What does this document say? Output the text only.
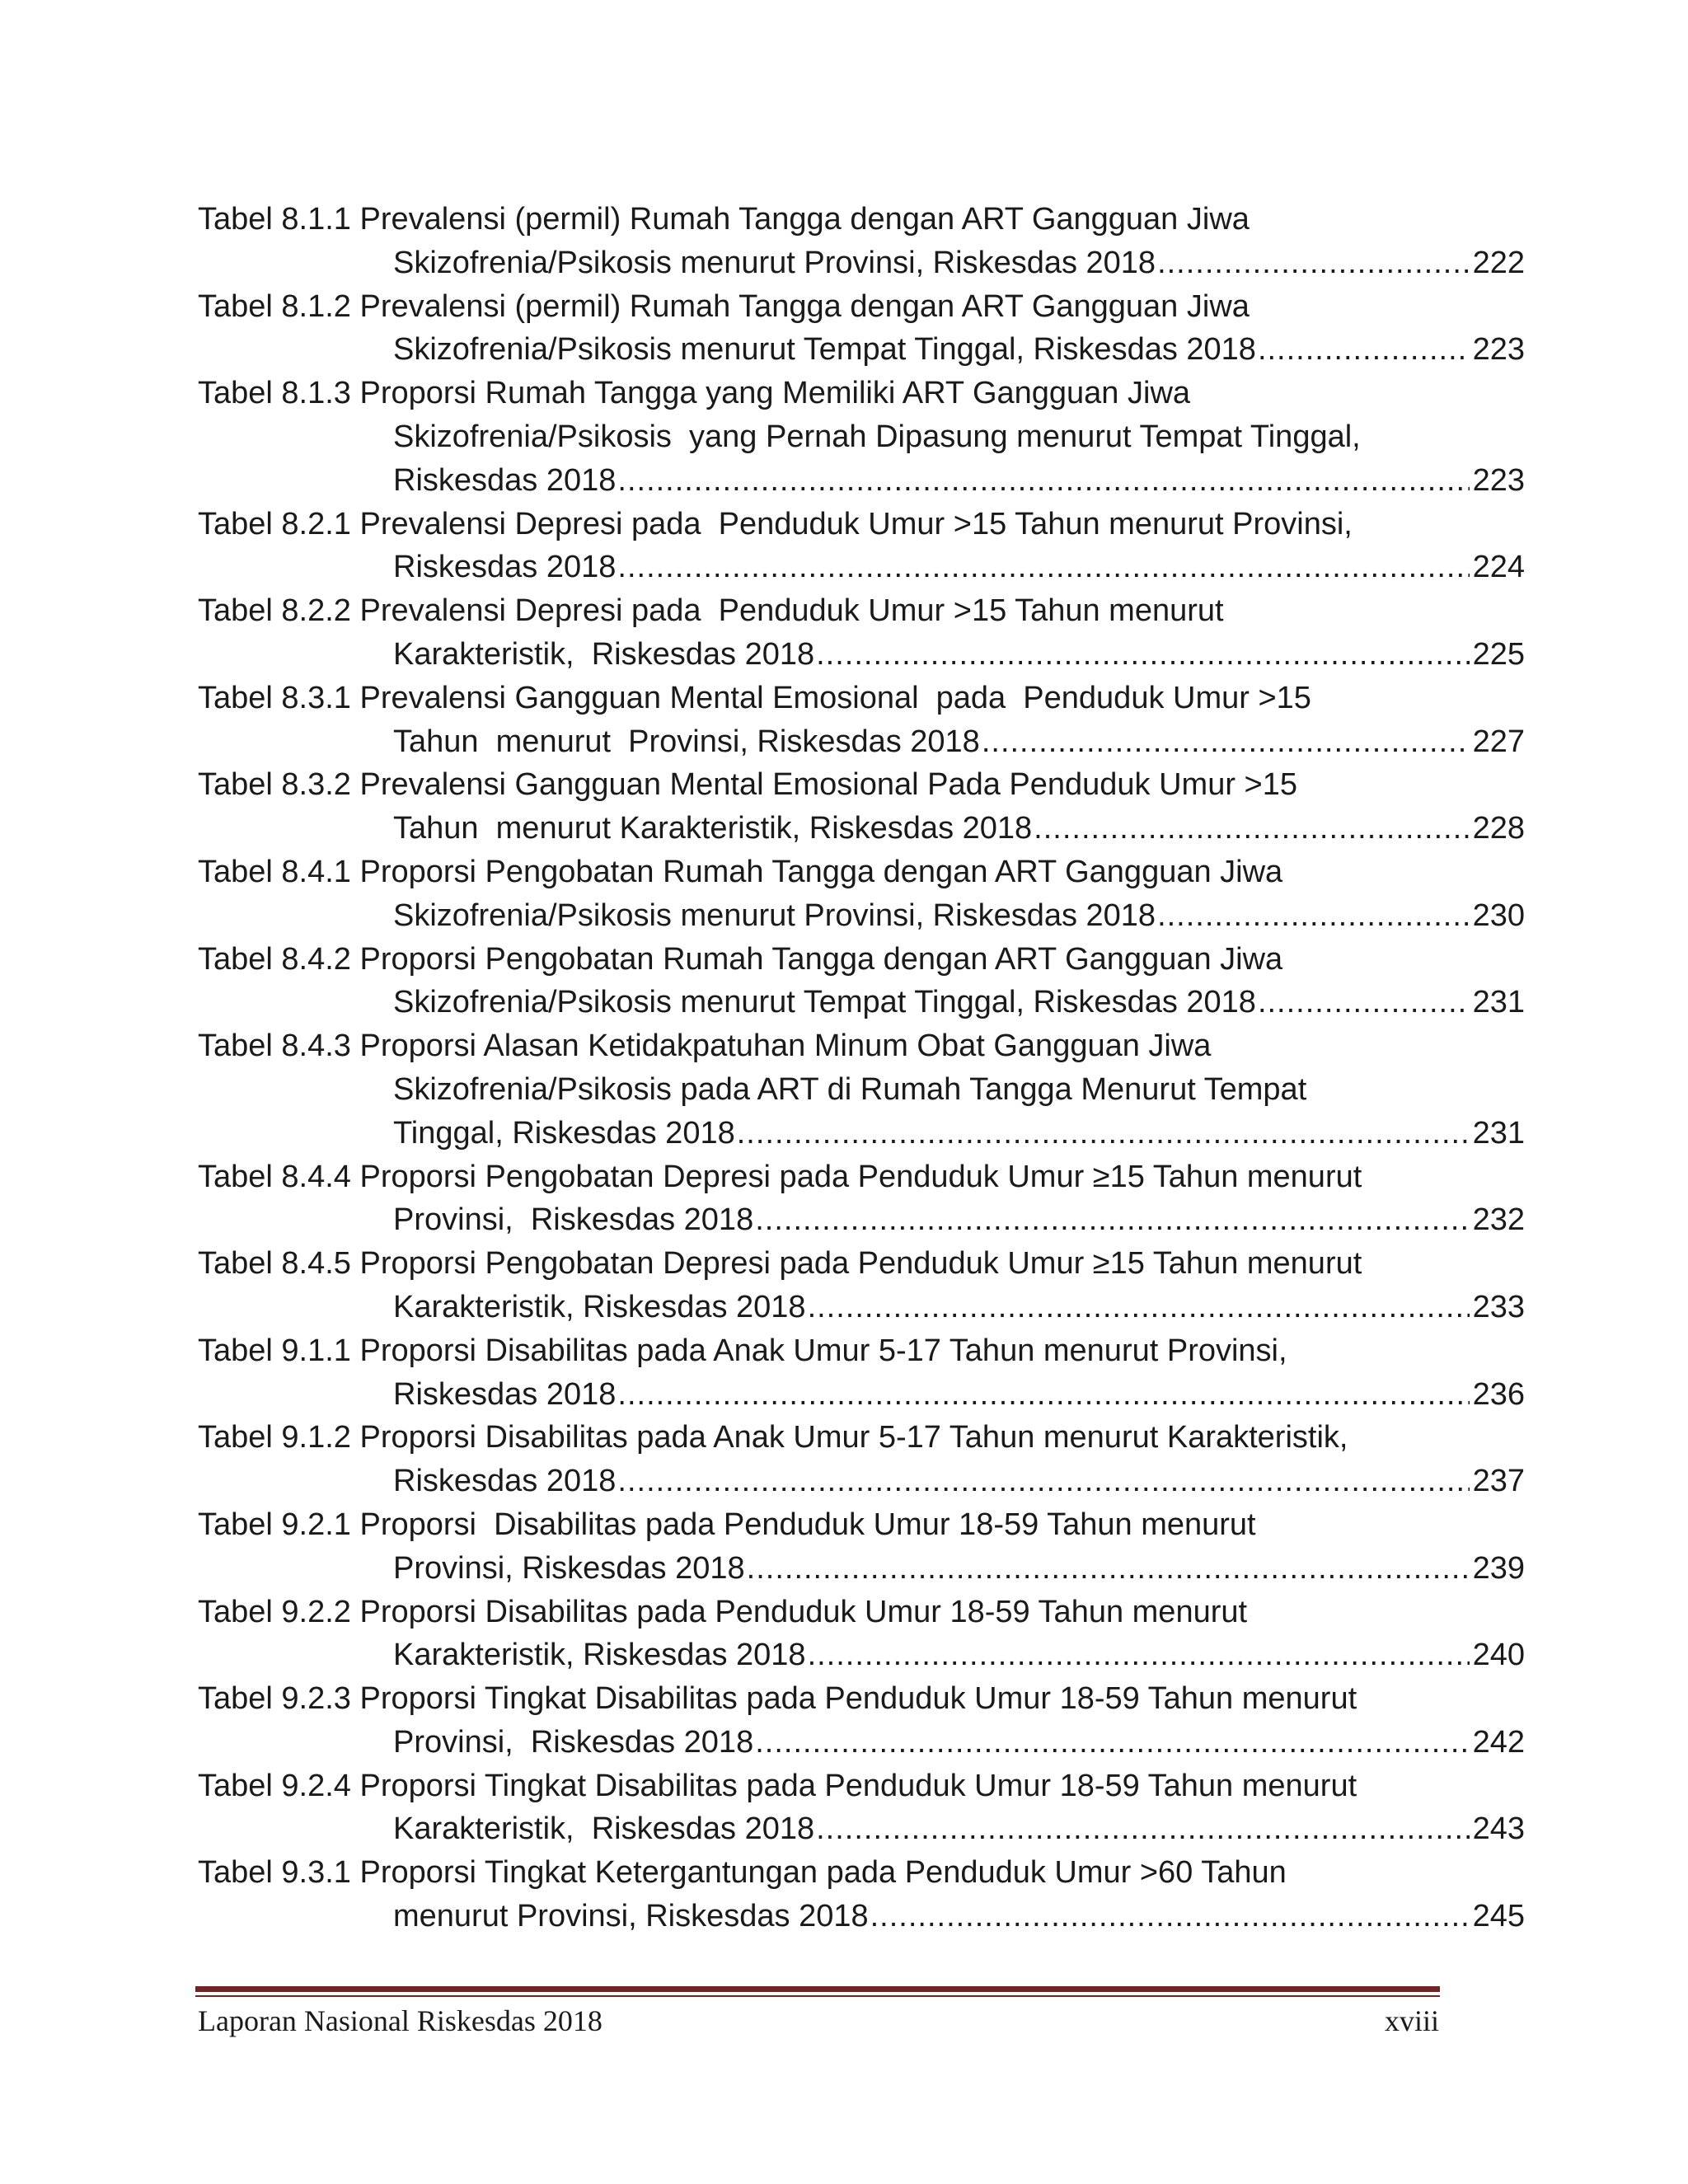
Tabel 8.1.1 Prevalensi (permil) Rumah Tangga dengan ART Gangguan Jiwa
Skizofrenia/Psikosis menurut Provinsi, Riskesdas 2018 .....	222
Tabel 8.1.2 Prevalensi (permil) Rumah Tangga dengan ART Gangguan Jiwa
Skizofrenia/Psikosis menurut Tempat Tinggal, Riskesdas 2018 .....	223
Tabel 8.1.3 Proporsi Rumah Tangga yang Memiliki ART Gangguan Jiwa
Skizofrenia/Psikosis  yang Pernah Dipasung menurut Tempat Tinggal,
Riskesdas 2018 .....	223
Tabel 8.2.1 Prevalensi Depresi pada  Penduduk Umur >15 Tahun menurut Provinsi,
Riskesdas 2018 .....	224
Tabel 8.2.2 Prevalensi Depresi pada  Penduduk Umur >15 Tahun menurut
Karakteristik,  Riskesdas 2018 .....	225
Tabel 8.3.1 Prevalensi Gangguan Mental Emosional  pada  Penduduk Umur >15
Tahun  menurut  Provinsi, Riskesdas 2018 .....	227
Tabel 8.3.2 Prevalensi Gangguan Mental Emosional Pada Penduduk Umur >15
Tahun  menurut Karakteristik, Riskesdas 2018 .....	228
Tabel 8.4.1 Proporsi Pengobatan Rumah Tangga dengan ART Gangguan Jiwa
Skizofrenia/Psikosis menurut Provinsi, Riskesdas 2018 .....	230
Tabel 8.4.2 Proporsi Pengobatan Rumah Tangga dengan ART Gangguan Jiwa
Skizofrenia/Psikosis menurut Tempat Tinggal, Riskesdas 2018 .....	231
Tabel 8.4.3 Proporsi Alasan Ketidakpatuhan Minum Obat Gangguan Jiwa
Skizofrenia/Psikosis pada ART di Rumah Tangga Menurut Tempat
Tinggal, Riskesdas 2018 .....	231
Tabel 8.4.4 Proporsi Pengobatan Depresi pada Penduduk Umur ≥15 Tahun menurut
Provinsi,  Riskesdas 2018 .....	232
Tabel 8.4.5 Proporsi Pengobatan Depresi pada Penduduk Umur ≥15 Tahun menurut
Karakteristik, Riskesdas 2018 .....	233
Tabel 9.1.1 Proporsi Disabilitas pada Anak Umur 5-17 Tahun menurut Provinsi,
Riskesdas 2018 .....	236
Tabel 9.1.2 Proporsi Disabilitas pada Anak Umur 5-17 Tahun menurut Karakteristik,
Riskesdas 2018 .....	237
Tabel 9.2.1 Proporsi  Disabilitas pada Penduduk Umur 18-59 Tahun menurut
Provinsi, Riskesdas 2018 .....	239
Tabel 9.2.2 Proporsi Disabilitas pada Penduduk Umur 18-59 Tahun menurut
Karakteristik, Riskesdas 2018 .....	240
Tabel 9.2.3 Proporsi Tingkat Disabilitas pada Penduduk Umur 18-59 Tahun menurut
Provinsi,  Riskesdas 2018 .....	242
Tabel 9.2.4 Proporsi Tingkat Disabilitas pada Penduduk Umur 18-59 Tahun menurut
Karakteristik,  Riskesdas 2018 .....	243
Tabel 9.3.1 Proporsi Tingkat Ketergantungan pada Penduduk Umur >60 Tahun
menurut Provinsi, Riskesdas 2018 .....	245
Laporan Nasional Riskesdas 2018	xviii
